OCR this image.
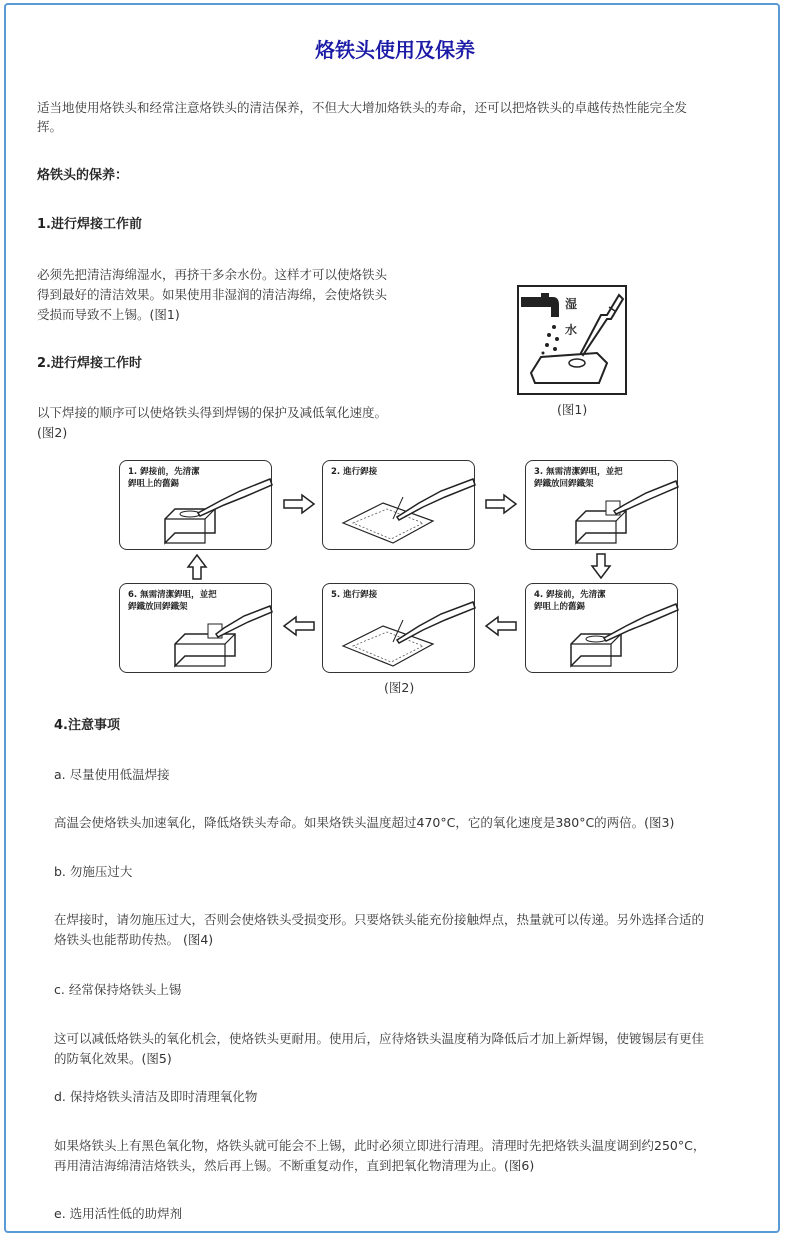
烙铁头使用及保养
适当地使用烙铁头和经常注意烙铁头的清洁保养，不但大大增加烙铁头的寿命，还可以把烙铁头的卓越传热性能完全发
挥。
烙铁头的保养：
1.进行焊接工作前
必须先把清洁海绵湿水，再挤干多余水份。这样才可以使烙铁头
得到最好的清洁效果。如果使用非湿润的清洁海绵，会使烙铁头
受损而导致不上锡。(图1)
湿
水
(图1)
2.进行焊接工作时
以下焊接的顺序可以使烙铁头得到焊锡的保护及减低氧化速度。
(图2)
1. 銲接前，先清潔
銲咀上的舊錫
2. 進行銲接	3. 無需清潔銲咀，並把
銲鐵放回銲鐵架
6. 無需清潔銲咀，並把
銲鐵放回銲鐵架
5. 進行銲接	4. 銲接前，先清潔
銲咀上的舊錫
(图2)
4.注意事项
a. 尽量使用低温焊接
高温会使烙铁头加速氧化，降低烙铁头寿命。如果烙铁头温度超过470°C，它的氧化速度是380°C的两倍。(图3)
b. 勿施压过大
在焊接时，请勿施压过大，否则会使烙铁头受损变形。只要烙铁头能充份接触焊点，热量就可以传递。另外选择合适的
烙铁头也能帮助传热。 (图4)
c. 经常保持烙铁头上锡
这可以减低烙铁头的氧化机会，使烙铁头更耐用。使用后，应待烙铁头温度稍为降低后才加上新焊锡，使镀锡层有更佳
的防氧化效果。(图5)
d. 保持烙铁头清洁及即时清理氧化物
如果烙铁头上有黑色氧化物，烙铁头就可能会不上锡，此时必须立即进行清理。清理时先把烙铁头温度调到约250°C，
再用清洁海绵清洁烙铁头，然后再上锡。不断重复动作，直到把氧化物清理为止。(图6)
e. 选用活性低的助焊剂
